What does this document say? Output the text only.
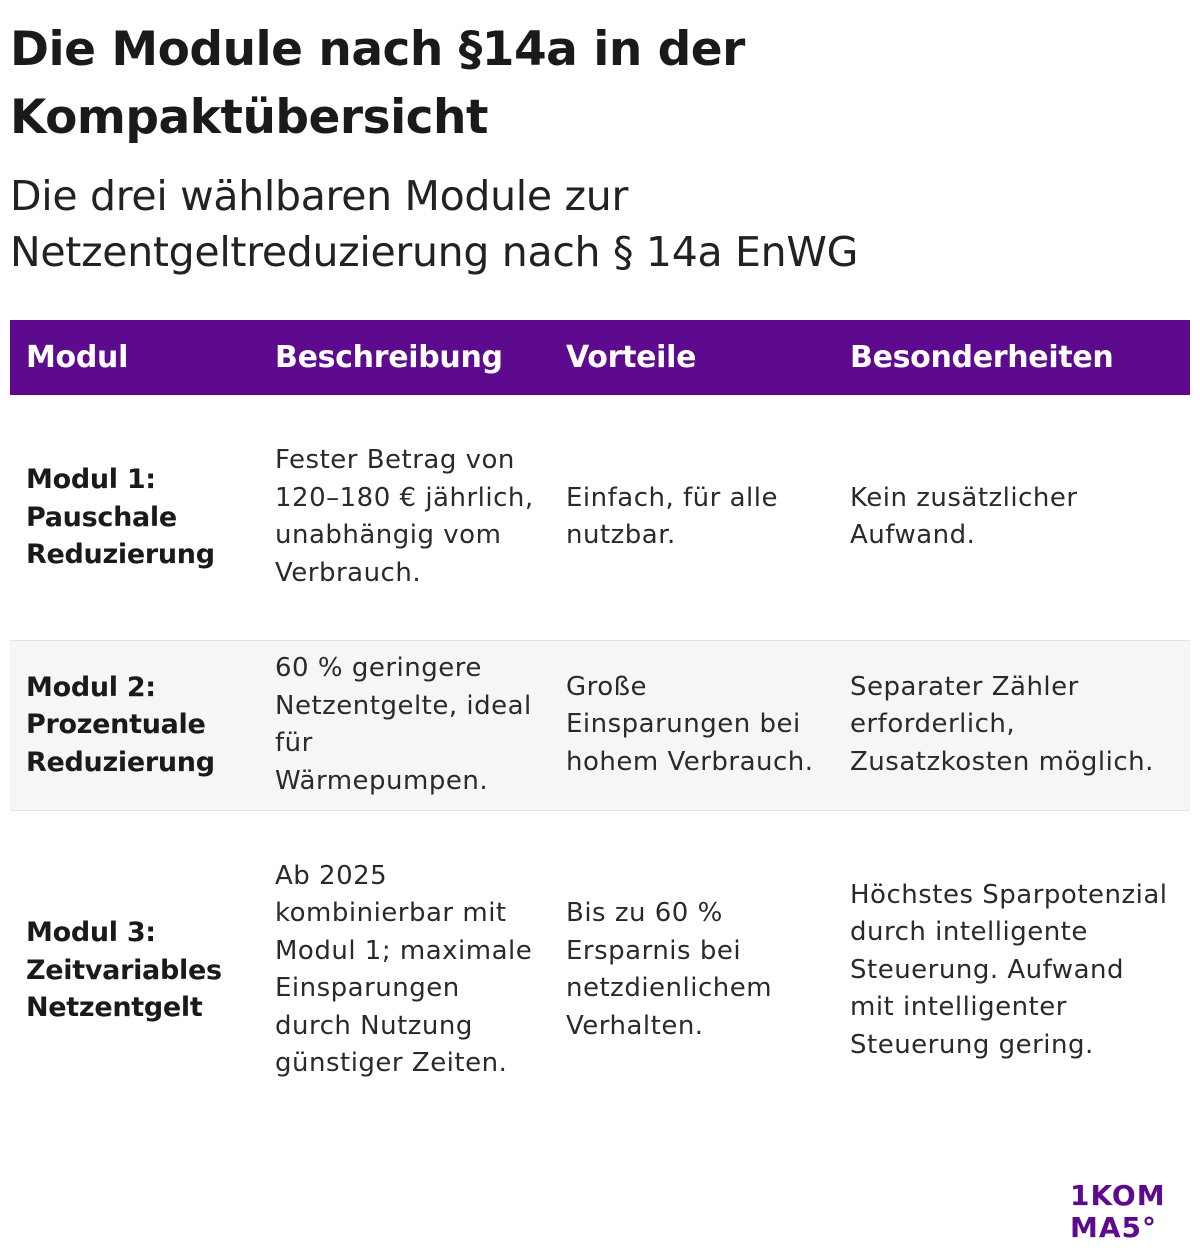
Die Module nach §14a in der Kompaktübersicht
Die drei wählbaren Module zur Netzentgeltreduzierung nach § 14a EnWG
Modul	Beschreibung	Vorteile	Besonderheiten
Modul 1: Pauschale Reduzierung	Fester Betrag von 120–180 € jährlich, unabhängig vom Verbrauch.	Einfach, für alle nutzbar.	Kein zusätzlicher Aufwand.
Modul 2: Prozentuale Reduzierung	60 % geringere Netzentgelte, ideal für Wärmepumpen.	Große Einsparungen bei hohem Verbrauch.	Separater Zähler erforderlich, Zusatzkosten möglich.
Modul 3: Zeitvariables Netzentgelt	Ab 2025 kombinierbar mit Modul 1; maximale Einsparungen durch Nutzung günstiger Zeiten.	Bis zu 60 % Ersparnis bei netzdienlichem Verhalten.	Höchstes Sparpotenzial durch intelligente Steuerung. Aufwand mit intelligenter Steuerung gering.
1KOM
MA5°
